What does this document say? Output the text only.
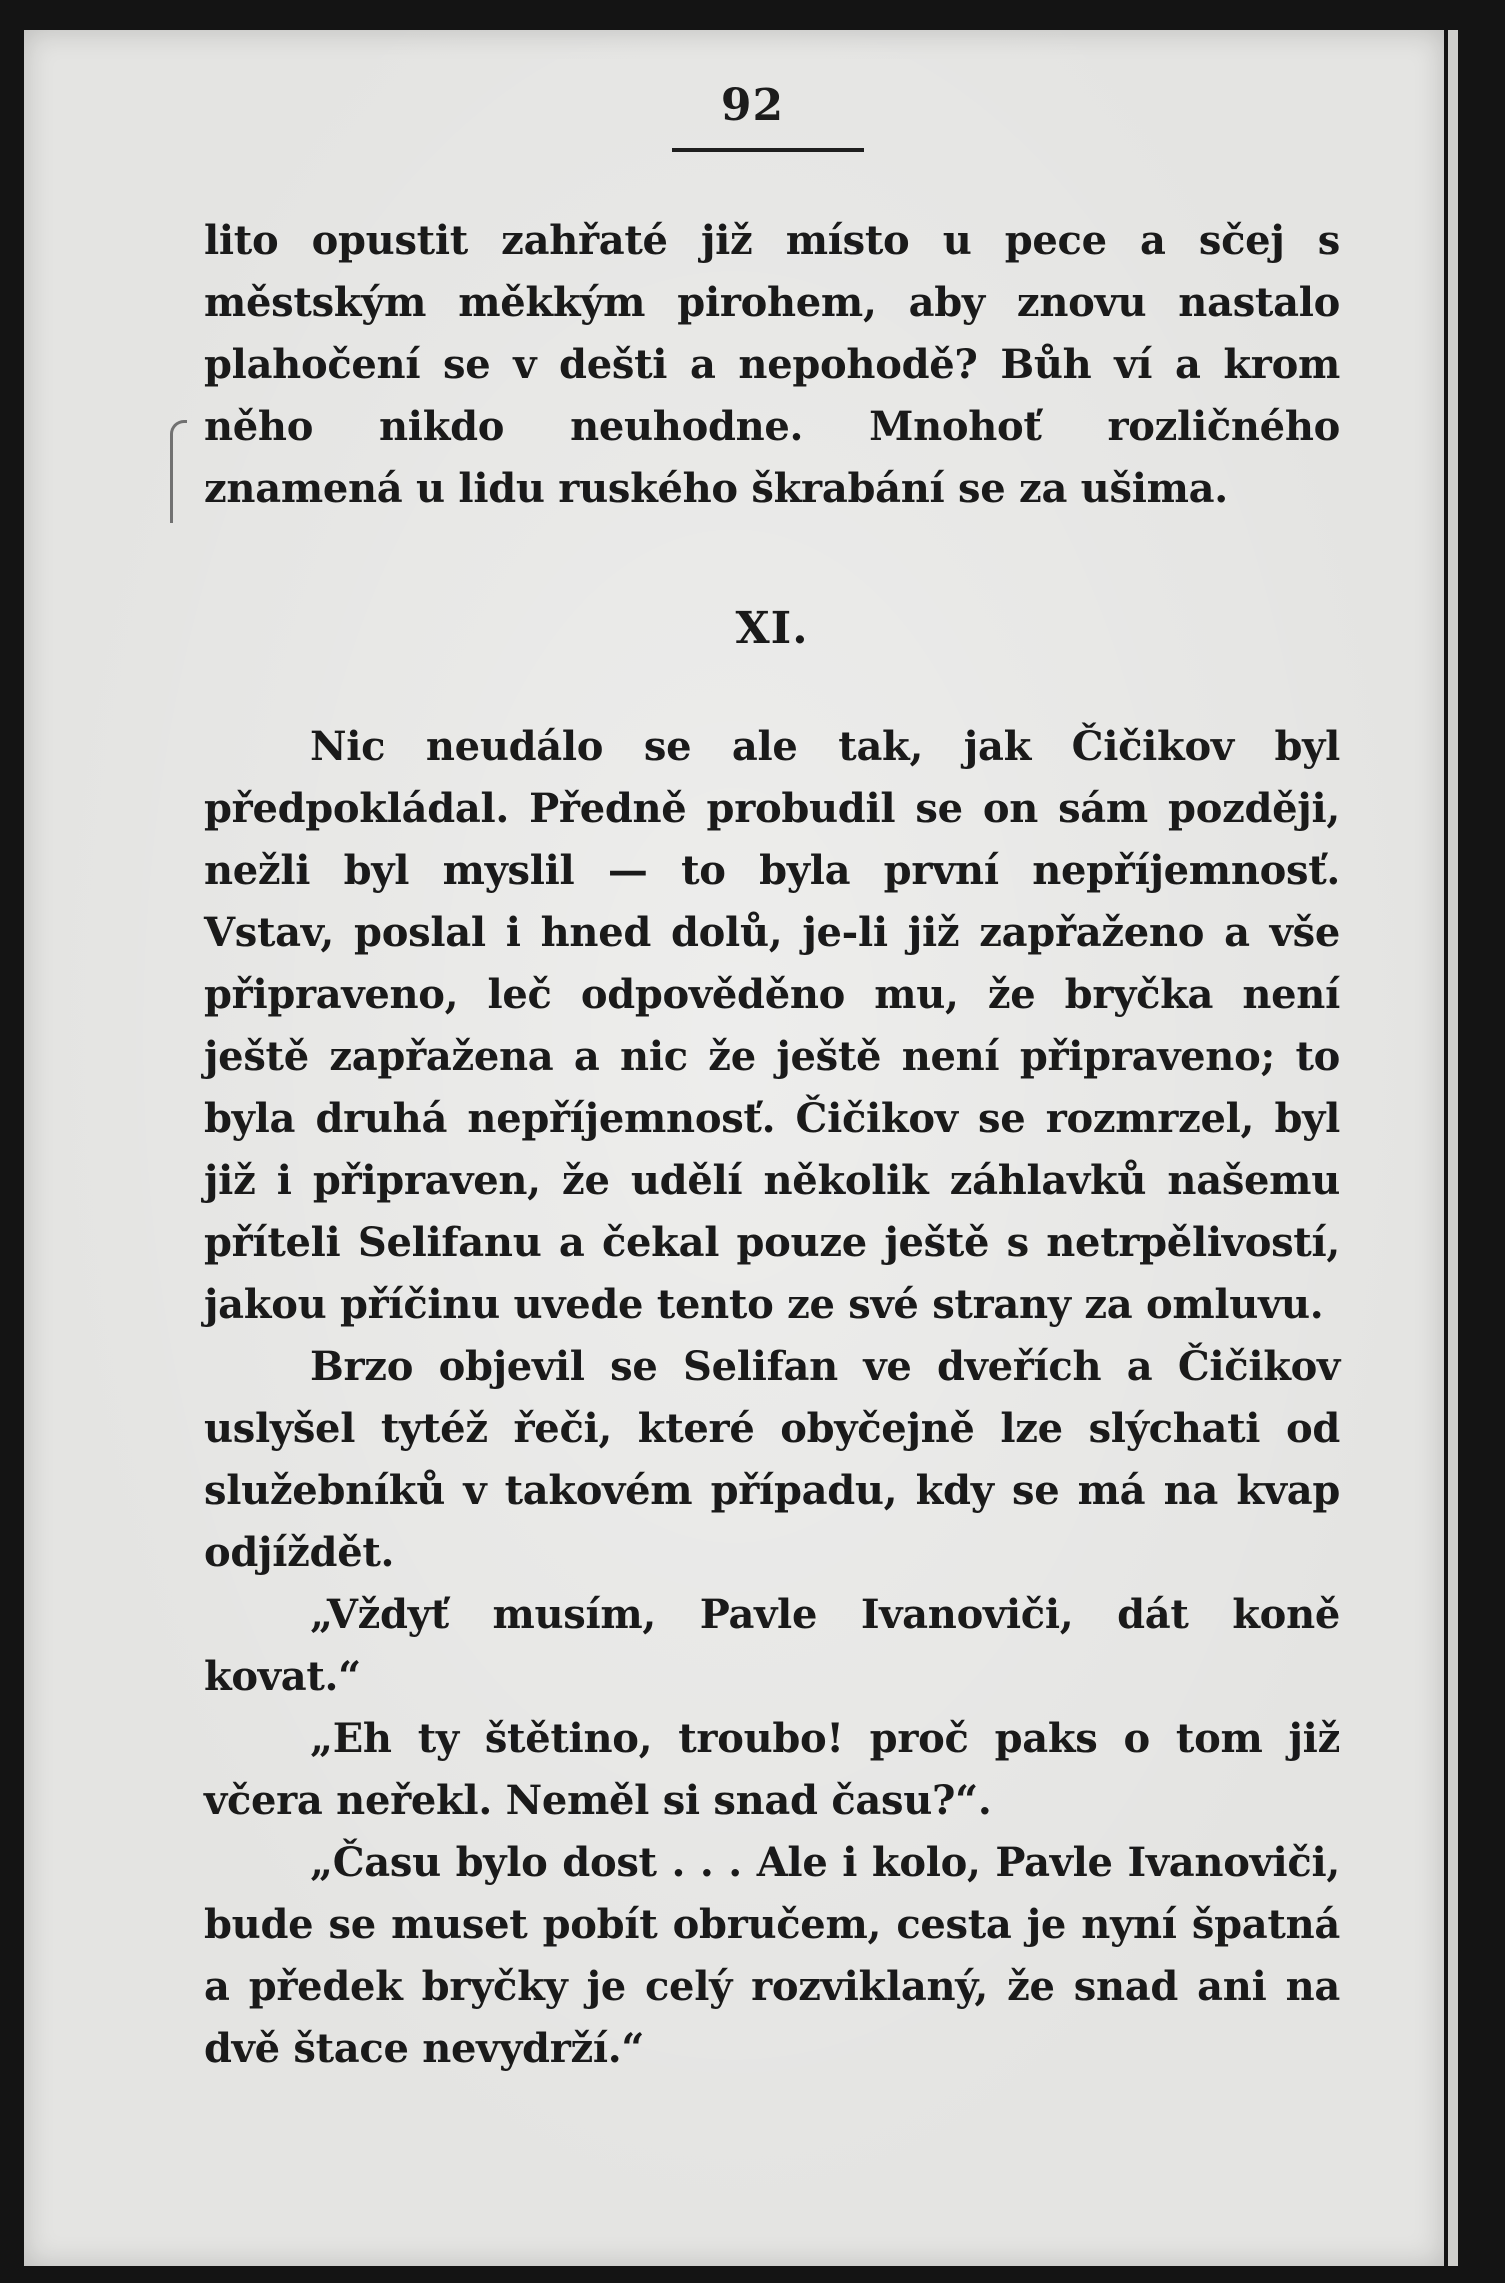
92

lito opustit zahřaté již místo u pece a sčej s městským měkkým pirohem, aby znovu nastalo plahočení se v dešti a nepohodě? Bůh ví a krom něho nikdo neuhodne. Mnohoť rozličného znamená u lidu ruského škrabání se za ušima.

XI.

Nic neudálo se ale tak, jak Čičikov byl předpokládal. Předně probudil se on sám později, nežli byl myslil — to byla první nepříjemnosť. Vstav, poslal i hned dolů, je-li již zapřaženo a vše připraveno, leč odpověděno mu, že bryčka není ještě zapřažena a nic že ještě není připraveno; to byla druhá nepříjemnosť. Čičikov se rozmrzel, byl již i připraven, že udělí několik záhlavků našemu příteli Selifanu a čekal pouze ještě s netrpělivostí, jakou příčinu uvede tento ze své strany za omluvu.

Brzo objevil se Selifan ve dveřích a Čičikov uslyšel tytéž řeči, které obyčejně lze slýchati od služebníků v takovém případu, kdy se má na kvap odjíždět.

„Vždyť musím, Pavle Ivanoviči, dát koně kovat.“

„Eh ty štětino, troubo! proč paks o tom již včera neřekl. Neměl si snad času?“.

„Času bylo dost . . . Ale i kolo, Pavle Ivanoviči, bude se muset pobít obručem, cesta je nyní špatná a předek bryčky je celý rozviklaný, že snad ani na dvě štace nevydrží.“
